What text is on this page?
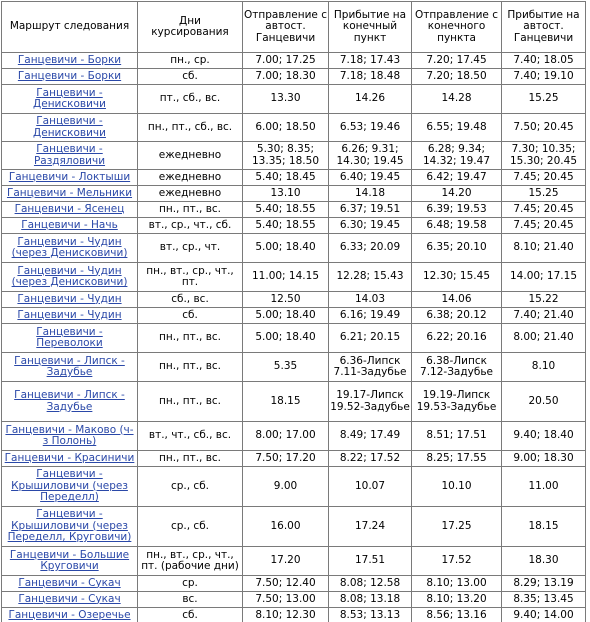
Маршрут следования	Дни курсирования	Отправление с автост. Ганцевичи	Прибытие на конечный пункт	Отправление с конечного пункта	Прибытие на автост. Ганцевичи
Ганцевичи - Борки	пн., ср.	7.00; 17.25	7.18; 17.43	7.20; 17.45	7.40; 18.05
Ганцевичи - Борки	сб.	7.00; 18.30	7.18; 18.48	7.20; 18.50	7.40; 19.10
Ганцевичи - Денисковичи	пт., сб., вс.	13.30	14.26	14.28	15.25
Ганцевичи - Денисковичи	пн., пт., сб., вс.	6.00; 18.50	6.53; 19.46	6.55; 19.48	7.50; 20.45
Ганцевичи - Раздяловичи	ежедневно	5.30; 8.35; 13.35; 18.50	6.26; 9.31; 14.30; 19.45	6.28; 9.34; 14.32; 19.47	7.30; 10.35; 15.30; 20.45
Ганцевичи - Локтыши	ежедневно	5.40; 18.45	6.40; 19.45	6.42; 19.47	7.45; 20.45
Ганцевичи - Мельники	ежедневно	13.10	14.18	14.20	15.25
Ганцевичи - Ясенец	пн., пт., вс.	5.40; 18.55	6.37; 19.51	6.39; 19.53	7.45; 20.45
Ганцевичи - Начь	вт., ср., чт., сб.	5.40; 18.55	6.30; 19.45	6.48; 19.58	7.45; 20.45
Ганцевичи - Чудин (через Денисковичи)	вт., ср., чт.	5.00; 18.40	6.33; 20.09	6.35; 20.10	8.10; 21.40
Ганцевичи - Чудин (через Денисковичи)	пн., вт., ср., чт., пт.	11.00; 14.15	12.28; 15.43	12.30; 15.45	14.00; 17.15
Ганцевичи - Чудин	сб., вс.	12.50	14.03	14.06	15.22
Ганцевичи - Чудин	сб.	5.00; 18.40	6.16; 19.49	6.38; 20.12	7.40; 21.40
Ганцевичи - Переволоки	пн., пт., вс.	5.00; 18.40	6.21; 20.15	6.22; 20.16	8.00; 21.40
Ганцевичи - Липск - Задубье	пн., пт., вс.	5.35	6.36-Липск 7.11-Задубье	6.38-Липск 7.12-Задубье	8.10
Ганцевичи - Липск - Задубье	пн., пт., вс.	18.15	19.17-Липск 19.52-Задубье	19.19-Липск 19.53-Задубье	20.50
Ганцевичи - Маково (ч-з Полонь)	вт., чт., сб., вс.	8.00; 17.00	8.49; 17.49	8.51; 17.51	9.40; 18.40
Ганцевичи - Красиничи	пн., пт., вс.	7.50; 17.20	8.22; 17.52	8.25; 17.55	9.00; 18.30
Ганцевичи - Крышиловичи (через Переделл)	ср., сб.	9.00	10.07	10.10	11.00
Ганцевичи - Крышиловичи (через Переделл, Круговичи)	ср., сб.	16.00	17.24	17.25	18.15
Ганцевичи - Большие Круговичи	пн., вт., ср., чт., пт. (рабочие дни)	17.20	17.51	17.52	18.30
Ганцевичи - Сукач	ср.	7.50; 12.40	8.08; 12.58	8.10; 13.00	8.29; 13.19
Ганцевичи - Сукач	вс.	7.50; 13.00	8.08; 13.18	8.10; 13.20	8.35; 13.45
Ганцевичи - Озеречье	сб.	8.10; 12.30	8.53; 13.13	8.56; 13.16	9.40; 14.00
